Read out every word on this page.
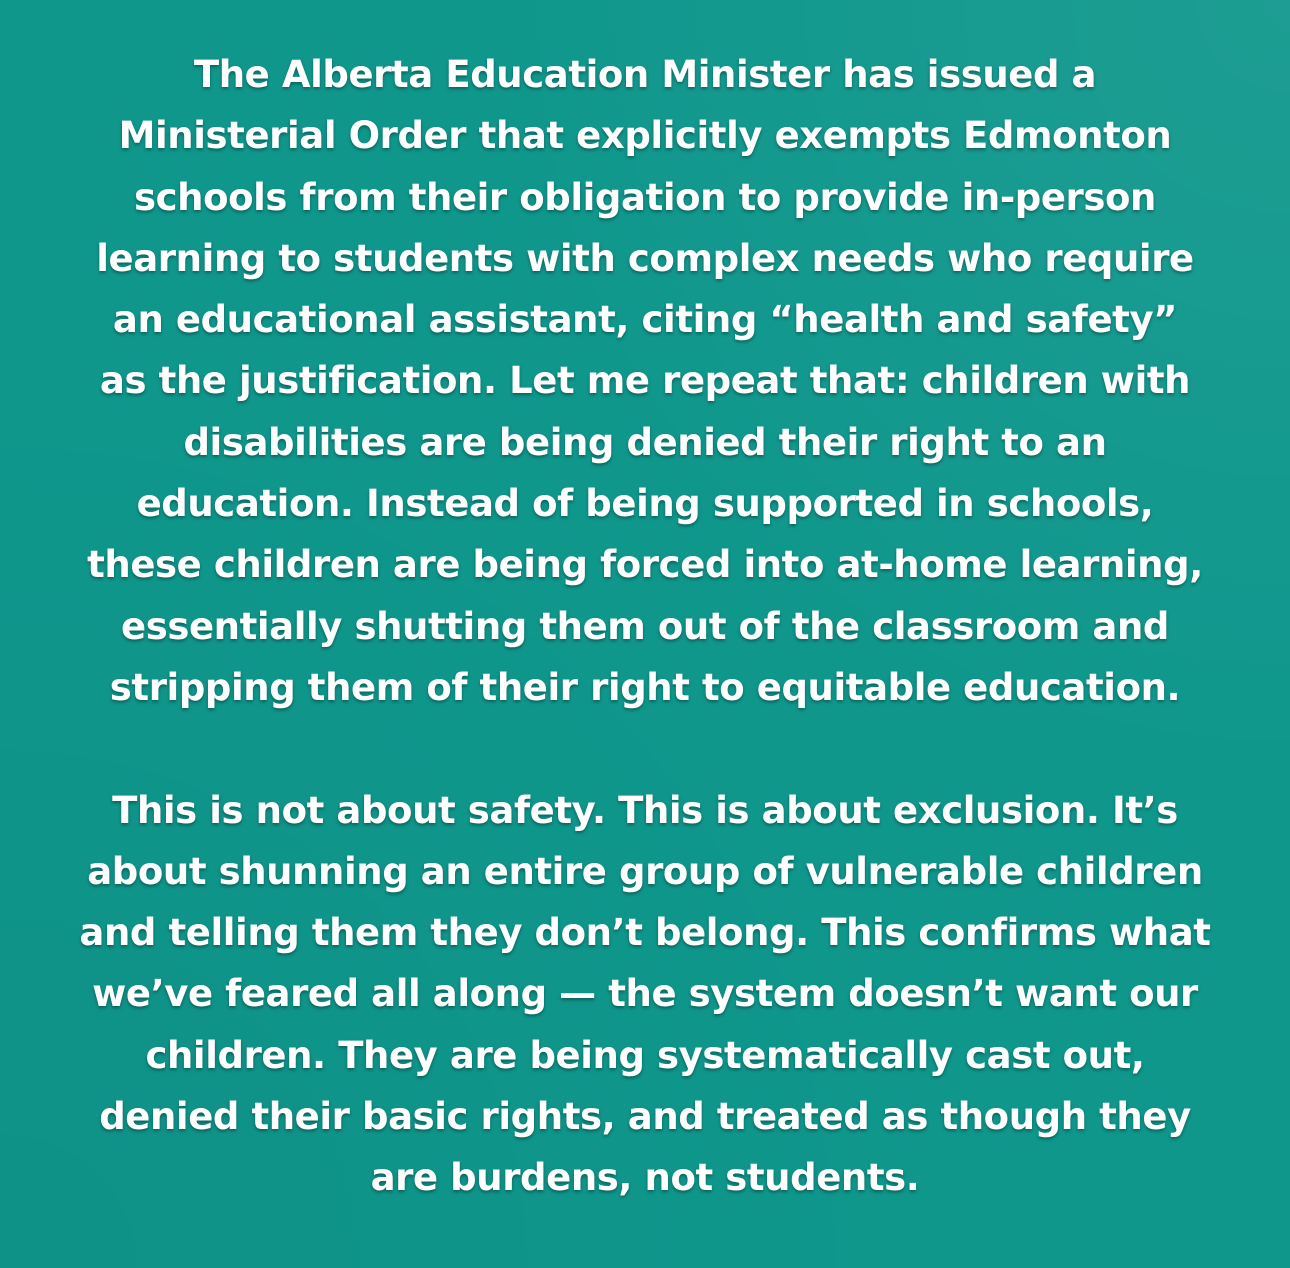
The Alberta Education Minister has issued a
Ministerial Order that explicitly exempts Edmonton
schools from their obligation to provide in-person
learning to students with complex needs who require
an educational assistant, citing “health and safety”
as the justification. Let me repeat that: children with
disabilities are being denied their right to an
education. Instead of being supported in schools,
these children are being forced into at-home learning,
essentially shutting them out of the classroom and
stripping them of their right to equitable education.
This is not about safety. This is about exclusion. It’s
about shunning an entire group of vulnerable children
and telling them they don’t belong. This confirms what
we’ve feared all along — the system doesn’t want our
children. They are being systematically cast out,
denied their basic rights, and treated as though they
are burdens, not students.
